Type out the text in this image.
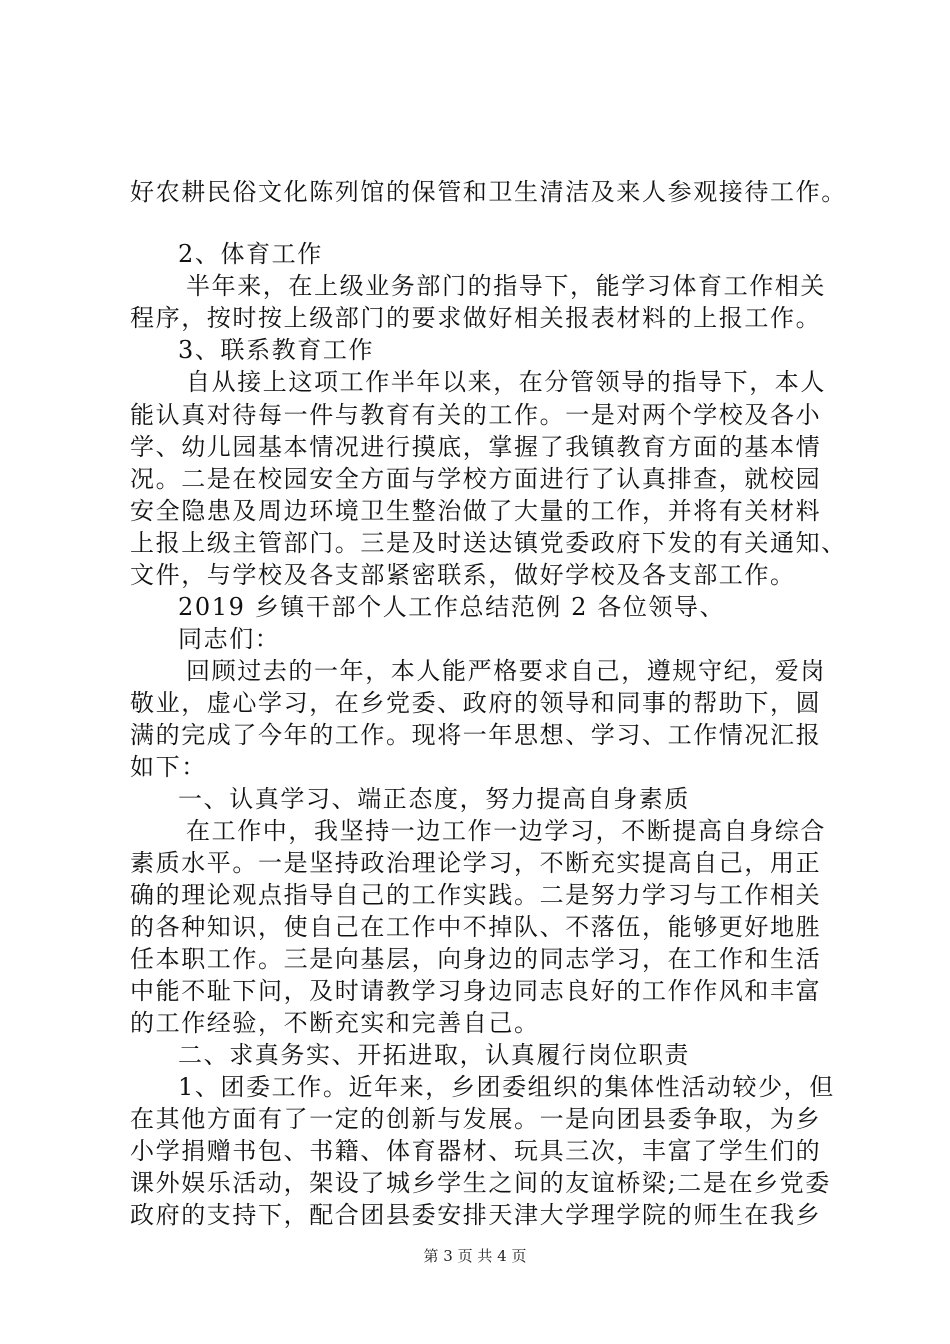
好农耕民俗文化陈列馆的保管和卫生清洁及来人参观接待工作。
2、体育工作
半年来，在上级业务部门的指导下，能学习体育工作相关
程序，按时按上级部门的要求做好相关报表材料的上报工作。
3、联系教育工作
自从接上这项工作半年以来，在分管领导的指导下，本人
能认真对待每一件与教育有关的工作。一是对两个学校及各小
学、幼儿园基本情况进行摸底，掌握了我镇教育方面的基本情
况。二是在校园安全方面与学校方面进行了认真排查，就校园
安全隐患及周边环境卫生整治做了大量的工作，并将有关材料
上报上级主管部门。三是及时送达镇党委政府下发的有关通知、
文件，与学校及各支部紧密联系，做好学校及各支部工作。
2019 乡镇干部个人工作总结范例 2 各位领导、
同志们：
回顾过去的一年，本人能严格要求自己，遵规守纪，爱岗
敬业，虚心学习，在乡党委、政府的领导和同事的帮助下，圆
满的完成了今年的工作。现将一年思想、学习、工作情况汇报
如下：
一、认真学习、端正态度，努力提高自身素质
在工作中，我坚持一边工作一边学习，不断提高自身综合
素质水平。一是坚持政治理论学习，不断充实提高自己，用正
确的理论观点指导自己的工作实践。二是努力学习与工作相关
的各种知识，使自己在工作中不掉队、不落伍，能够更好地胜
任本职工作。三是向基层，向身边的同志学习，在工作和生活
中能不耻下问，及时请教学习身边同志良好的工作作风和丰富
的工作经验，不断充实和完善自己。
二、求真务实、开拓进取，认真履行岗位职责
1、团委工作。近年来，乡团委组织的集体性活动较少，但
在其他方面有了一定的创新与发展。一是向团县委争取，为乡
小学捐赠书包、书籍、体育器材、玩具三次，丰富了学生们的
课外娱乐活动，架设了城乡学生之间的友谊桥梁;二是在乡党委
政府的支持下，配合团县委安排天津大学理学院的师生在我乡
第 3 页 共 4 页
